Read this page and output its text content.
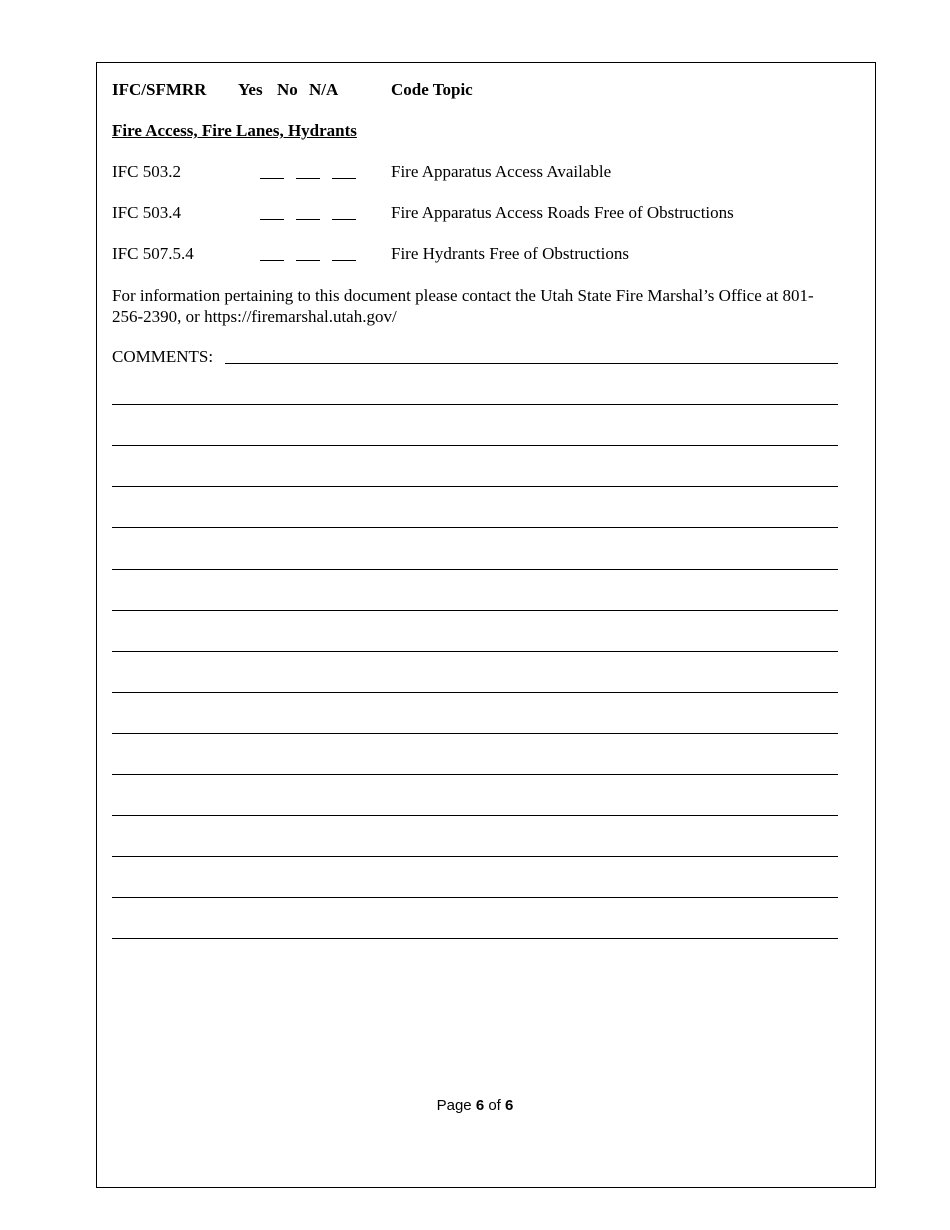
IFC/SFMRR Yes No N/A	Code Topic
Fire Access, Fire Lanes, Hydrants
IFC 503.2	Fire Apparatus Access Available
IFC 503.4	Fire Apparatus Access Roads Free of Obstructions
IFC 507.5.4	Fire Hydrants Free of Obstructions
For information pertaining to this document please contact the Utah State Fire Marshal’s Office at 801-
256-2390, or https://firemarshal.utah.gov/
COMMENTS:
Page 6 of 6
